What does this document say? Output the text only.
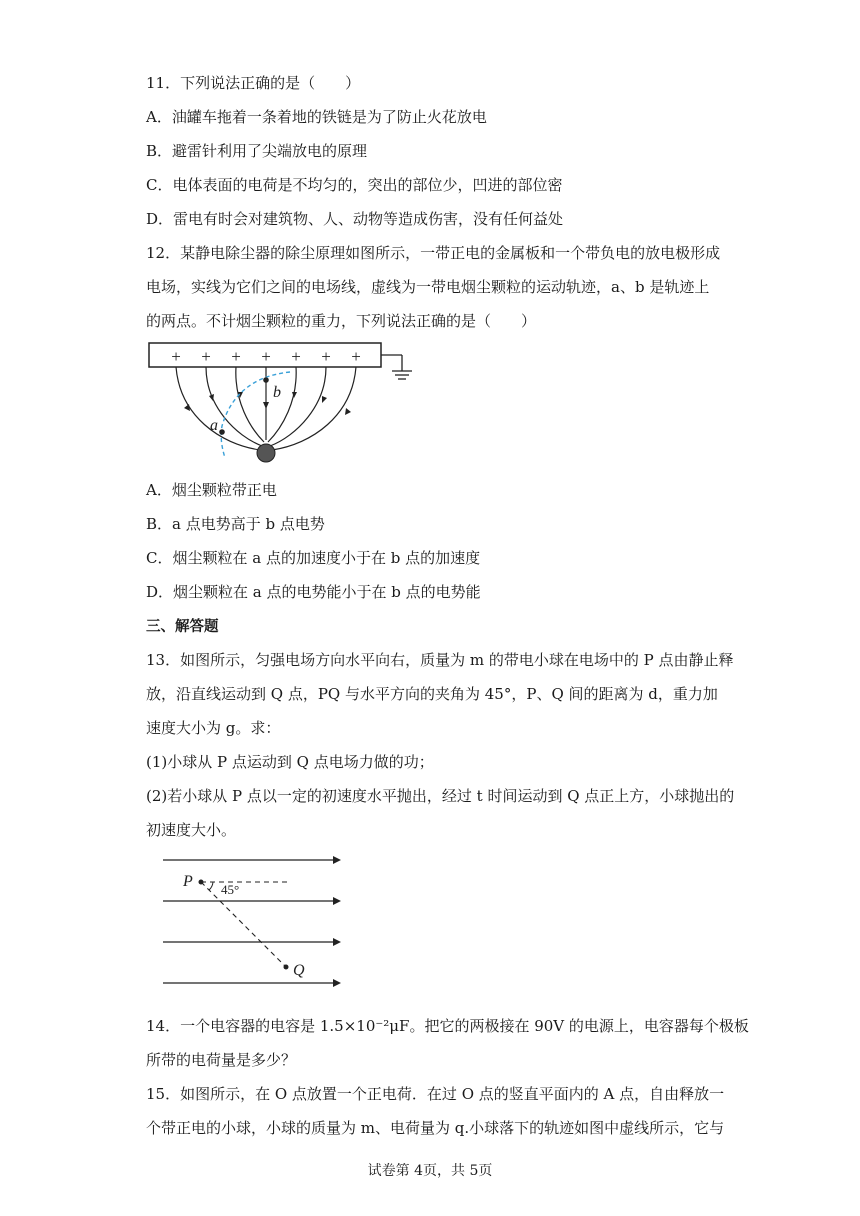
11．下列说法正确的是（　　）
A．油罐车拖着一条着地的铁链是为了防止火花放电
B．避雷针利用了尖端放电的原理
C．电体表面的电荷是不均匀的，突出的部位少，凹进的部位密
D．雷电有时会对建筑物、人、动物等造成伤害，没有任何益处
12．某静电除尘器的除尘原理如图所示，一带正电的金属板和一个带负电的放电极形成
电场，实线为它们之间的电场线，虚线为一带电烟尘颗粒的运动轨迹，a、b 是轨迹上
的两点。不计烟尘颗粒的重力，下列说法正确的是（　　）
+ + + + + + +
b
a
A．烟尘颗粒带正电
B．a 点电势高于 b 点电势
C．烟尘颗粒在 a 点的加速度小于在 b 点的加速度
D．烟尘颗粒在 a 点的电势能小于在 b 点的电势能
三、解答题
13．如图所示，匀强电场方向水平向右，质量为 m 的带电小球在电场中的 P 点由静止释
放，沿直线运动到 Q 点，PQ 与水平方向的夹角为 45°，P、Q 间的距离为 d，重力加
速度大小为 g。求：
(1)小球从 P 点运动到 Q 点电场力做的功；
(2)若小球从 P 点以一定的初速度水平抛出，经过 t 时间运动到 Q 点正上方，小球抛出的
初速度大小。
P
Q
45°
14．一个电容器的电容是 1.5×10⁻²μF。把它的两极接在 90V 的电源上，电容器每个极板
所带的电荷量是多少？
15．如图所示，在 O 点放置一个正电荷．在过 O 点的竖直平面内的 A 点，自由释放一
个带正电的小球，小球的质量为 m、电荷量为 q.小球落下的轨迹如图中虚线所示，它与
试卷第 4页，共 5页
